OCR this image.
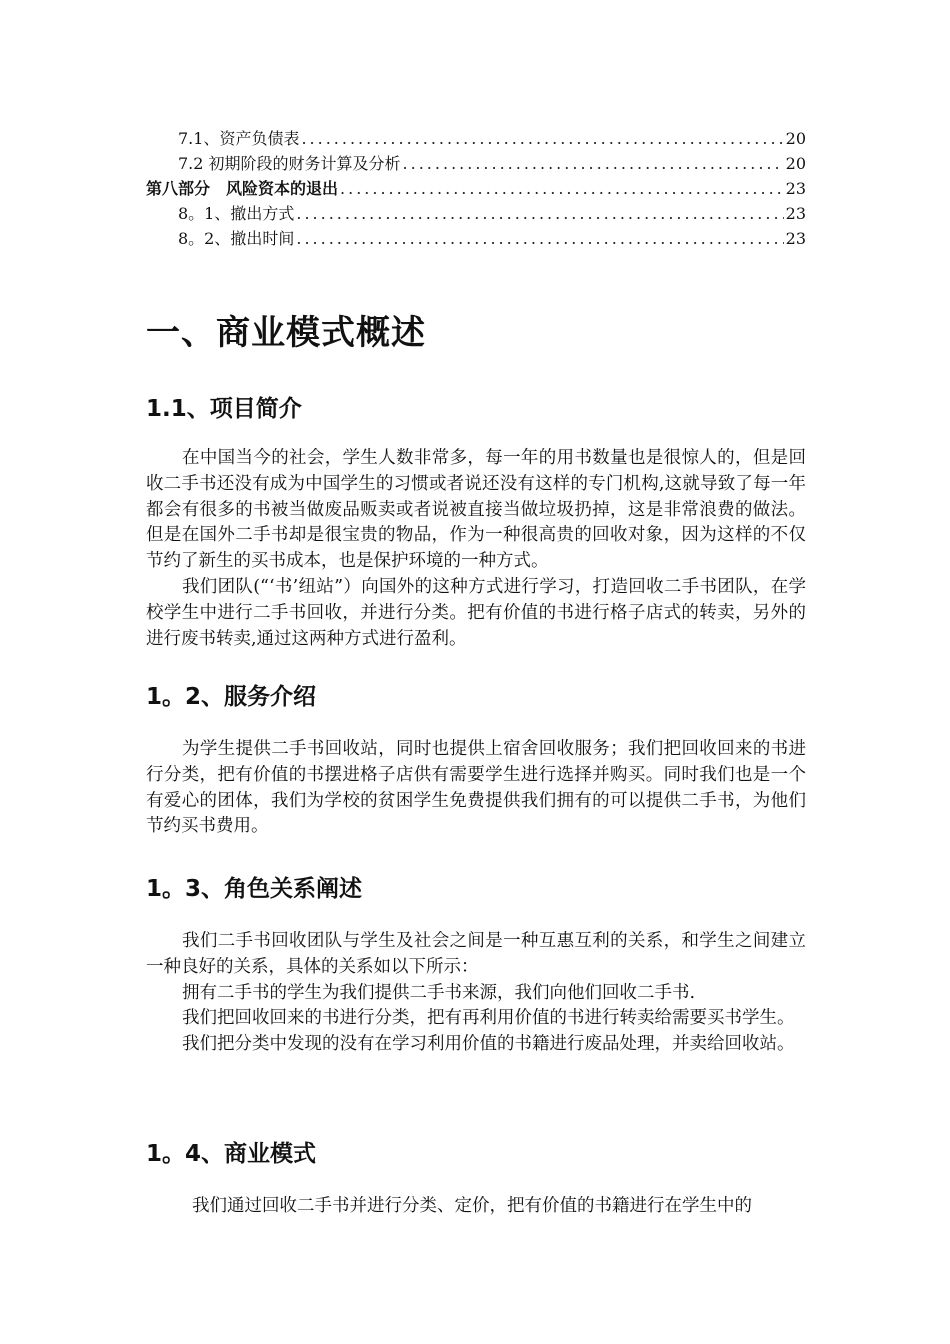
7.1、资产负债表 .....	20
7.2 初期阶段的财务计算及分析 .....	20
第八部分　风险资本的退出 .....	23
8。1、撤出方式 .....	23
8。2、撤出时间 .....	23
一、商业模式概述
1.1、项目简介

在中国当今的社会，学生人数非常多，每一年的用书数量也是很惊人的，但是回收二手书还没有成为中国学生的习惯或者说还没有这样的专门机构,这就导致了每一年都会有很多的书被当做废品贩卖或者说被直接当做垃圾扔掉，这是非常浪费的做法。但是在国外二手书却是很宝贵的物品，作为一种很高贵的回收对象，因为这样的不仅节约了新生的买书成本，也是保护环境的一种方式。

我们团队(“‘书’纽站”）向国外的这种方式进行学习，打造回收二手书团队，在学校学生中进行二手书回收，并进行分类。把有价值的书进行格子店式的转卖，另外的进行废书转卖,通过这两种方式进行盈利。

1。2、服务介绍

为学生提供二手书回收站，同时也提供上宿舍回收服务；我们把回收回来的书进行分类，把有价值的书摆进格子店供有需要学生进行选择并购买。同时我们也是一个有爱心的团体，我们为学校的贫困学生免费提供我们拥有的可以提供二手书，为他们节约买书费用。

1。3、角色关系阐述

我们二手书回收团队与学生及社会之间是一种互惠互利的关系，和学生之间建立一种良好的关系，具体的关系如以下所示：

拥有二手书的学生为我们提供二手书来源，我们向他们回收二手书.

我们把回收回来的书进行分类，把有再利用价值的书进行转卖给需要买书学生。

我们把分类中发现的没有在学习利用价值的书籍进行废品处理，并卖给回收站。

1。4、商业模式

我们通过回收二手书并进行分类、定价，把有价值的书籍进行在学生中的
